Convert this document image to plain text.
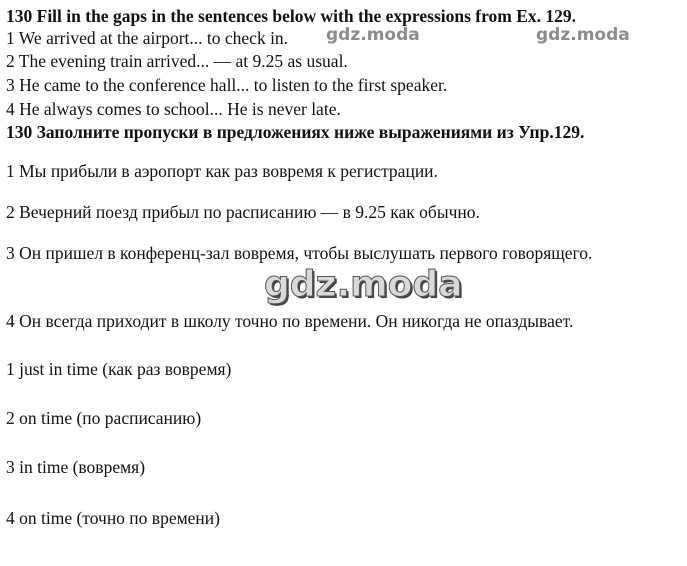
130 Fill in the gaps in the sentences below with the expressions from Ex. 129.
1 We arrived at the airport... to check in.
2 The evening train arrived... — at 9.25 as usual.
3 He came to the conference hall... to listen to the first speaker.
4 He always comes to school... He is never late.
130 Заполните пропуски в предложениях ниже выражениями из Упр.129.
1 Мы прибыли в аэропорт как раз вовремя к регистрации.
2 Вечерний поезд прибыл по расписанию — в 9.25 как обычно.
3 Он пришел в конференц-зал вовремя, чтобы выслушать первого говорящего.
4 Он всегда приходит в школу точно по времени. Он никогда не опаздывает.
1 just in time (как раз вовремя)
2 on time (по расписанию)
3 in time (вовремя)
4 on time (точно по времени)
gdz.moda	gdz.moda
gdz.moda
